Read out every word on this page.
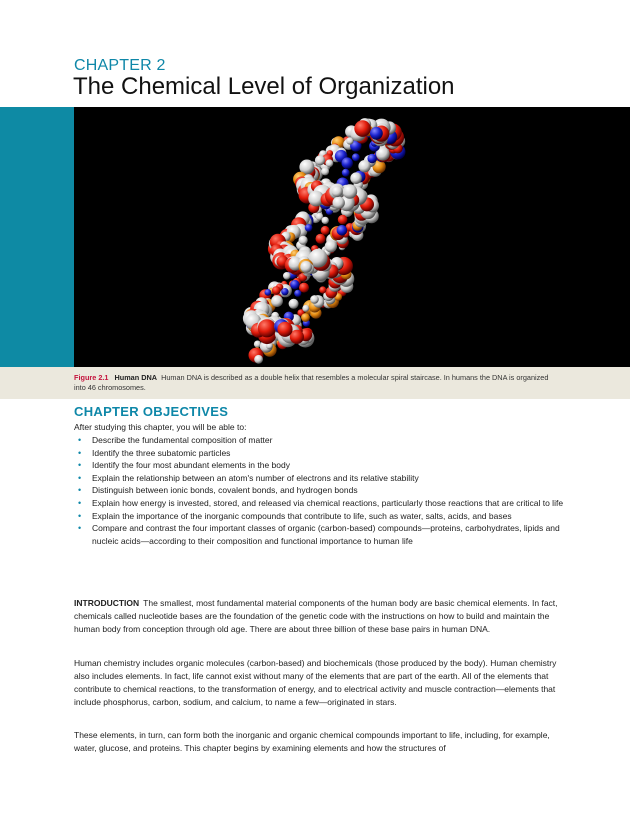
CHAPTER 2
The Chemical Level of Organization
Figure 2.1 Human DNA Human DNA is described as a double helix that resembles a molecular spiral staircase. In humans the DNA is organized into 46 chromosomes.
CHAPTER OBJECTIVES
After studying this chapter, you will be able to:
• Describe the fundamental composition of matter
• Identify the three subatomic particles
• Identify the four most abundant elements in the body
• Explain the relationship between an atom's number of electrons and its relative stability
• Distinguish between ionic bonds, covalent bonds, and hydrogen bonds
• Explain how energy is invested, stored, and released via chemical reactions, particularly those reactions that are critical to life
• Explain the importance of the inorganic compounds that contribute to life, such as water, salts, acids, and bases
• Compare and contrast the four important classes of organic (carbon-based) compounds—proteins, carbohydrates, lipids and nucleic acids—according to their composition and functional importance to human life

INTRODUCTION The smallest, most fundamental material components of the human body are basic chemical elements. In fact, chemicals called nucleotide bases are the foundation of the genetic code with the instructions on how to build and maintain the human body from conception through old age. There are about three billion of these base pairs in human DNA.

Human chemistry includes organic molecules (carbon-based) and biochemicals (those produced by the body). Human chemistry also includes elements. In fact, life cannot exist without many of the elements that are part of the earth. All of the elements that contribute to chemical reactions, to the transformation of energy, and to electrical activity and muscle contraction—elements that include phosphorus, carbon, sodium, and calcium, to name a few—originated in stars.

These elements, in turn, can form both the inorganic and organic chemical compounds important to life, including, for example, water, glucose, and proteins. This chapter begins by examining elements and how the structures of
